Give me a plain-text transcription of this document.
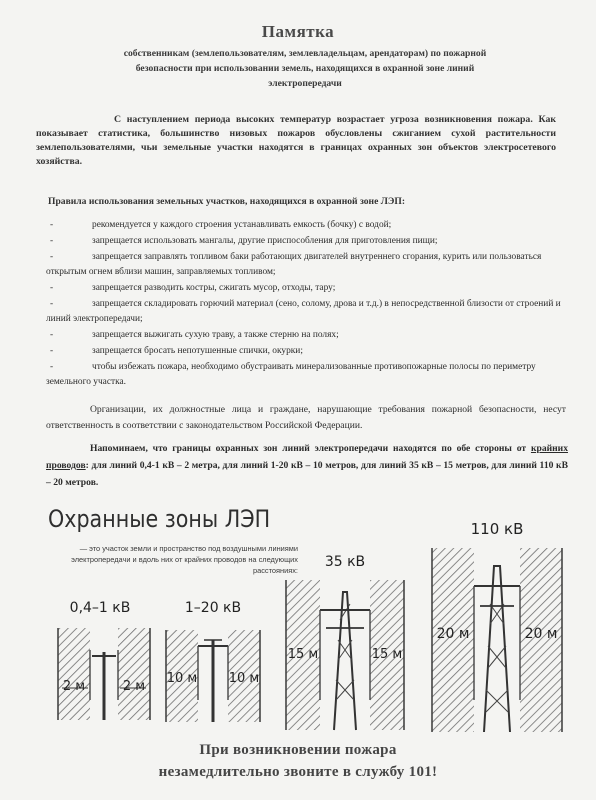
Памятка
собственникам (землепользователям, землевладельцам, арендаторам) по пожарной
безопасности при использовании земель, находящихся в охранной зоне линий
электропередачи
С наступлением периода высоких температур возрастает угроза возникновения пожара. Как показывает статистика, большинство низовых пожаров обусловлены сжиганием сухой растительности землепользователями, чьи земельные участки находятся в границах охранных зон объектов электросетевого хозяйства.
Правила использования земельных участков, находящихся в охранной зоне ЛЭП:
- рекомендуется у каждого строения устанавливать емкость (бочку) с водой;
- запрещается использовать мангалы, другие приспособления для приготовления пищи;
- запрещается заправлять топливом баки работающих двигателей внутреннего сгорания, курить или пользоваться открытым огнем вблизи машин, заправляемых топливом;
- запрещается разводить костры, сжигать мусор, отходы, тару;
- запрещается складировать горючий материал (сено, солому, дрова и т.д.) в непосредственной близости от строений и линий электропередачи;
- запрещается выжигать сухую траву, а также стерню на полях;
- запрещается бросать непотушенные спички, окурки;
- чтобы избежать пожара, необходимо обустраивать минерализованные противопожарные полосы по периметру земельного участка.
Организации, их должностные лица и граждане, нарушающие требования пожарной безопасности, несут ответственность в соответствии с законодательством Российской Федерации.
Напоминаем, что границы охранных зон линий электропередачи находятся по обе стороны от крайних проводов: для линий 0,4-1 кВ – 2 метра, для линий 1-20 кВ – 10 метров, для линий 35 кВ – 15 метров, для линий 110 кВ – 20 метров.
Охранные зоны ЛЭП
— это участок земли и пространство под воздушными линиями электропередачи и вдоль них от крайних проводов на следующих расстояниях:
2 м	2 м
0,4–1 кВ
10 м 10 м
1–20 кВ
15 м	15 м
35 кВ
20 м	20 м
110 кВ
При возникновении пожара
незамедлительно звоните в службу 101!
